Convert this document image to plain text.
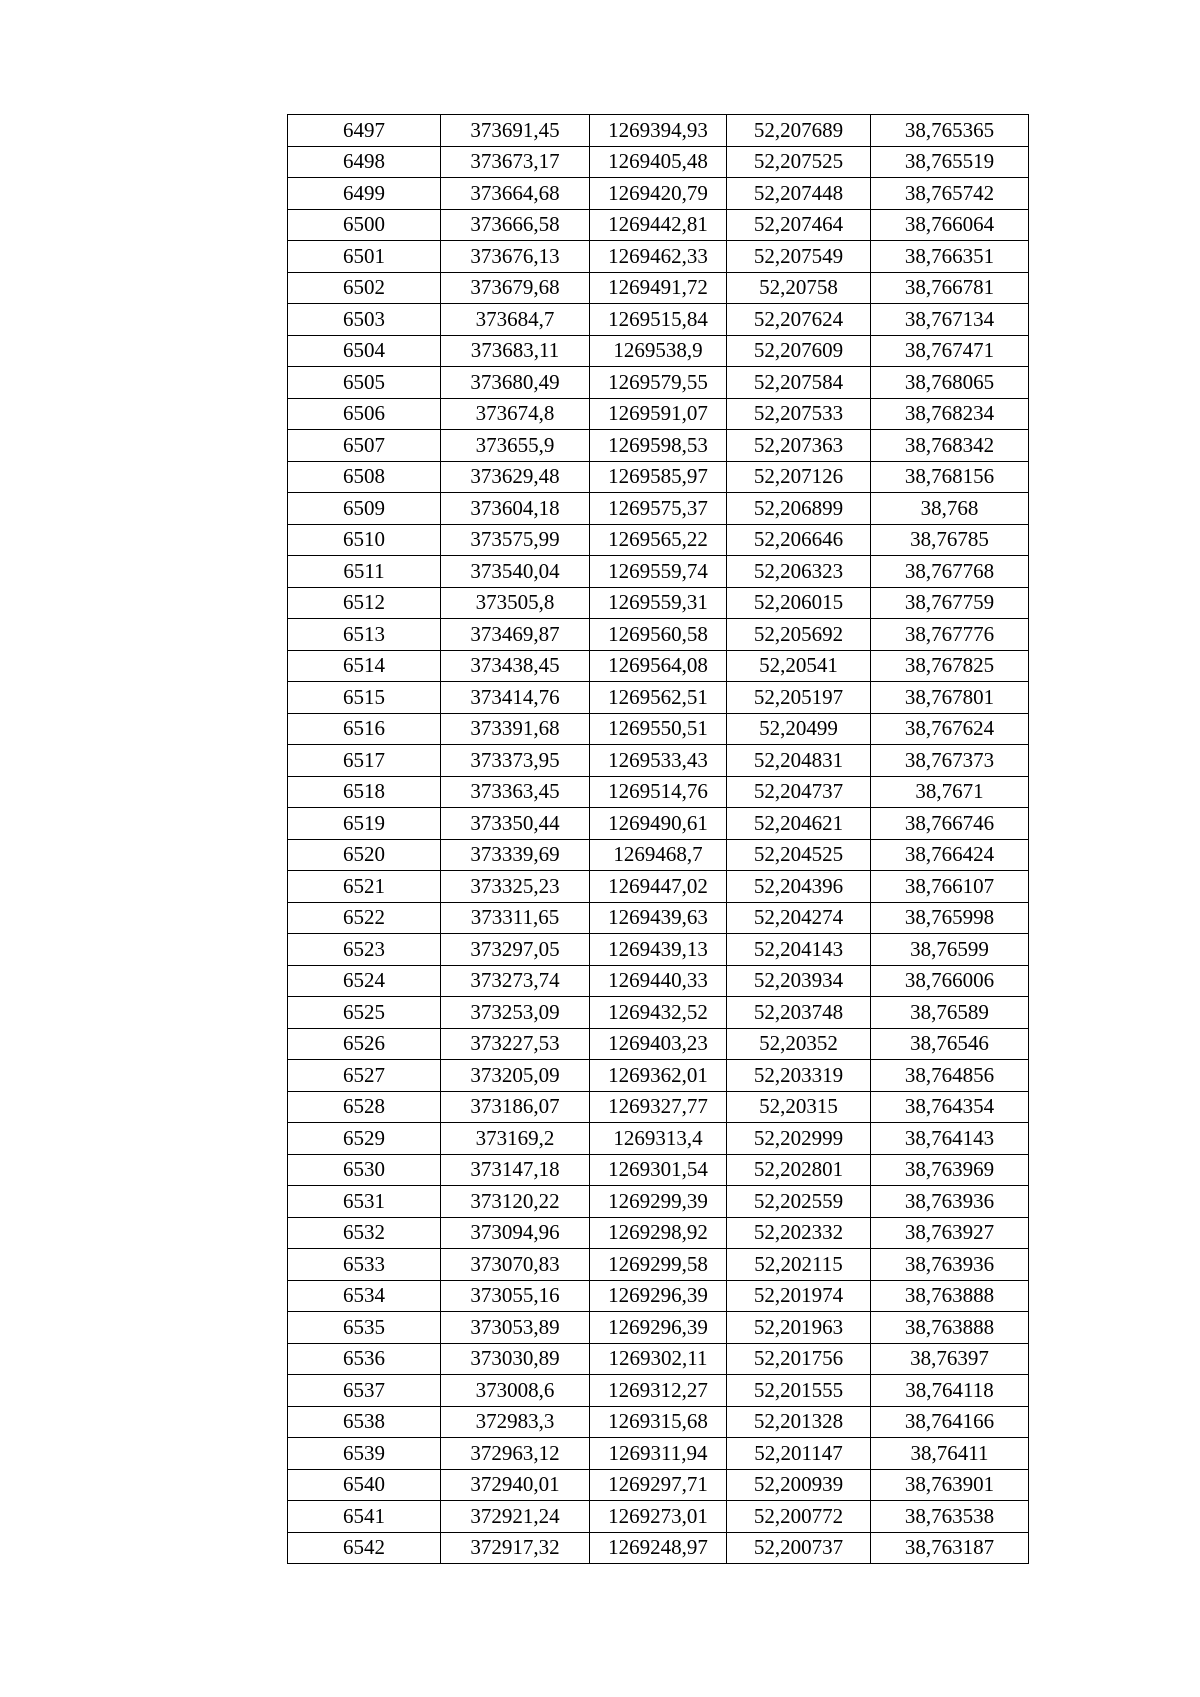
6497	373691,45	1269394,93	52,207689	38,765365
6498	373673,17	1269405,48	52,207525	38,765519
6499	373664,68	1269420,79	52,207448	38,765742
6500	373666,58	1269442,81	52,207464	38,766064
6501	373676,13	1269462,33	52,207549	38,766351
6502	373679,68	1269491,72	52,20758	38,766781
6503	373684,7	1269515,84	52,207624	38,767134
6504	373683,11	1269538,9	52,207609	38,767471
6505	373680,49	1269579,55	52,207584	38,768065
6506	373674,8	1269591,07	52,207533	38,768234
6507	373655,9	1269598,53	52,207363	38,768342
6508	373629,48	1269585,97	52,207126	38,768156
6509	373604,18	1269575,37	52,206899	38,768
6510	373575,99	1269565,22	52,206646	38,76785
6511	373540,04	1269559,74	52,206323	38,767768
6512	373505,8	1269559,31	52,206015	38,767759
6513	373469,87	1269560,58	52,205692	38,767776
6514	373438,45	1269564,08	52,20541	38,767825
6515	373414,76	1269562,51	52,205197	38,767801
6516	373391,68	1269550,51	52,20499	38,767624
6517	373373,95	1269533,43	52,204831	38,767373
6518	373363,45	1269514,76	52,204737	38,7671
6519	373350,44	1269490,61	52,204621	38,766746
6520	373339,69	1269468,7	52,204525	38,766424
6521	373325,23	1269447,02	52,204396	38,766107
6522	373311,65	1269439,63	52,204274	38,765998
6523	373297,05	1269439,13	52,204143	38,76599
6524	373273,74	1269440,33	52,203934	38,766006
6525	373253,09	1269432,52	52,203748	38,76589
6526	373227,53	1269403,23	52,20352	38,76546
6527	373205,09	1269362,01	52,203319	38,764856
6528	373186,07	1269327,77	52,20315	38,764354
6529	373169,2	1269313,4	52,202999	38,764143
6530	373147,18	1269301,54	52,202801	38,763969
6531	373120,22	1269299,39	52,202559	38,763936
6532	373094,96	1269298,92	52,202332	38,763927
6533	373070,83	1269299,58	52,202115	38,763936
6534	373055,16	1269296,39	52,201974	38,763888
6535	373053,89	1269296,39	52,201963	38,763888
6536	373030,89	1269302,11	52,201756	38,76397
6537	373008,6	1269312,27	52,201555	38,764118
6538	372983,3	1269315,68	52,201328	38,764166
6539	372963,12	1269311,94	52,201147	38,76411
6540	372940,01	1269297,71	52,200939	38,763901
6541	372921,24	1269273,01	52,200772	38,763538
6542	372917,32	1269248,97	52,200737	38,763187
